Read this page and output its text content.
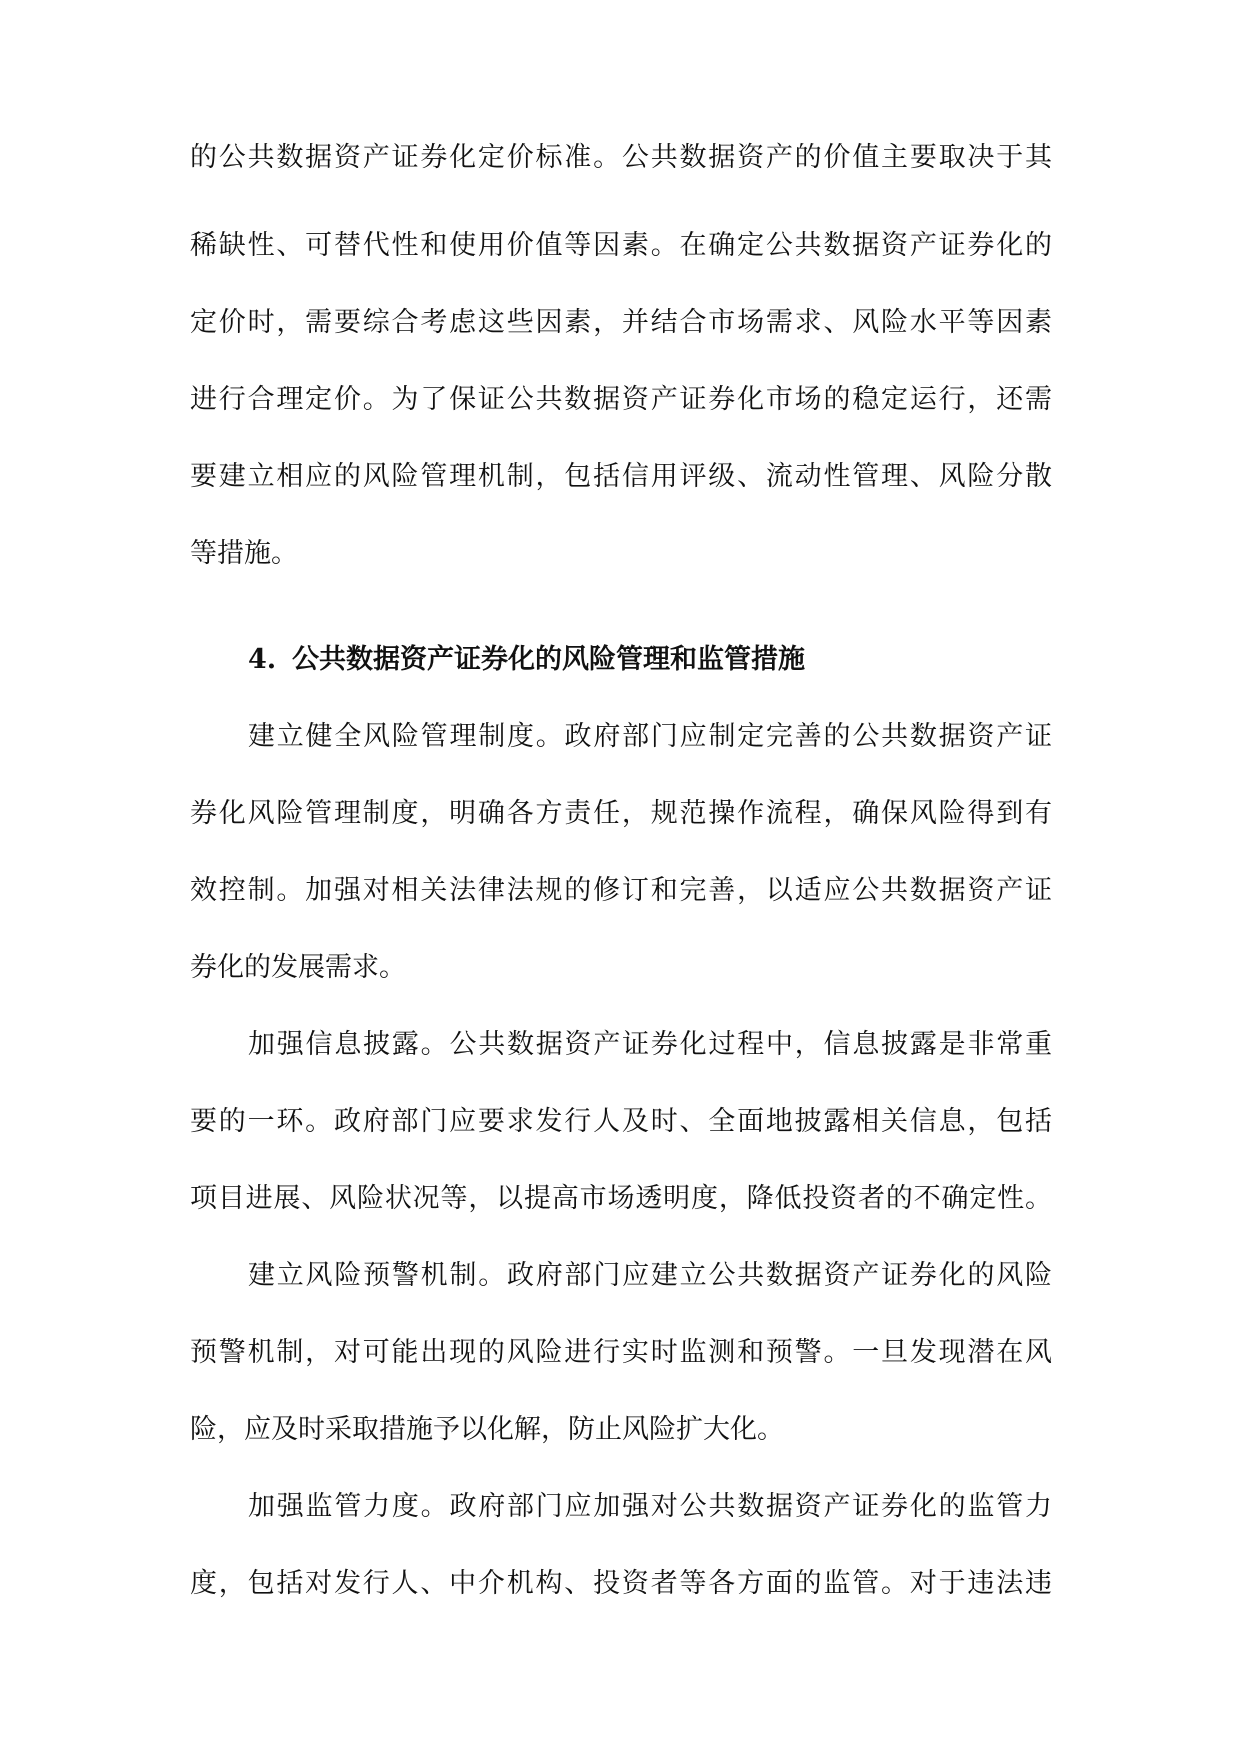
的公共数据资产证券化定价标准。公共数据资产的价值主要取决于其
稀缺性、可替代性和使用价值等因素。在确定公共数据资产证券化的
定价时，需要综合考虑这些因素，并结合市场需求、风险水平等因素
进行合理定价。为了保证公共数据资产证券化市场的稳定运行，还需
要建立相应的风险管理机制，包括信用评级、流动性管理、风险分散
等措施。
4. 公共数据资产证券化的风险管理和监管措施
建立健全风险管理制度。政府部门应制定完善的公共数据资产证
券化风险管理制度，明确各方责任，规范操作流程，确保风险得到有
效控制。加强对相关法律法规的修订和完善，以适应公共数据资产证
券化的发展需求。
加强信息披露。公共数据资产证券化过程中，信息披露是非常重
要的一环。政府部门应要求发行人及时、全面地披露相关信息，包括
项目进展、风险状况等，以提高市场透明度，降低投资者的不确定性。
建立风险预警机制。政府部门应建立公共数据资产证券化的风险
预警机制，对可能出现的风险进行实时监测和预警。一旦发现潜在风
险，应及时采取措施予以化解，防止风险扩大化。
加强监管力度。政府部门应加强对公共数据资产证券化的监管力
度，包括对发行人、中介机构、投资者等各方面的监管。对于违法违
